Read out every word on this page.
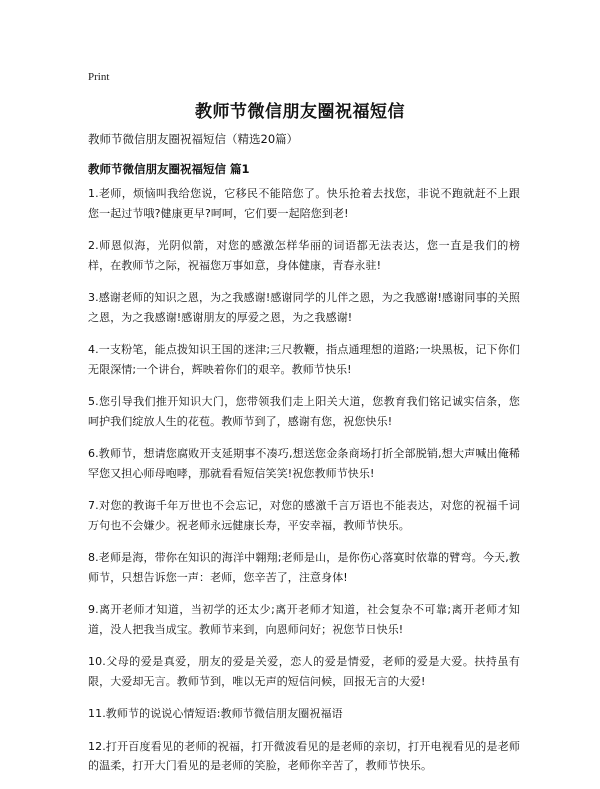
Print
教师节微信朋友圈祝福短信

教师节微信朋友圈祝福短信（精选20篇）

教师节微信朋友圈祝福短信 篇1

1.老师，烦恼叫我给您说，它移民不能陪您了。快乐抢着去找您，非说不跑就赶不上跟您一起过节哦?健康更早?呵呵，它们要一起陪您到老!

2.师恩似海，光阴似箭，对您的感激怎样华丽的词语都无法表达，您一直是我们的榜样，在教师节之际，祝福您万事如意，身体健康，青春永驻!

3.感谢老师的知识之恩，为之我感谢!感谢同学的儿伴之恩，为之我感谢!感谢同事的关照之恩，为之我感谢!感谢朋友的厚爱之恩，为之我感谢!

4.一支粉笔，能点拨知识王国的迷津;三尺教鞭，指点通理想的道路;一块黑板，记下你们无限深情;一个讲台，辉映着你们的艰辛。教师节快乐!

5.您引导我们推开知识大门，您带领我们走上阳关大道，您教育我们铭记诚实信条，您呵护我们绽放人生的花苞。教师节到了，感谢有您，祝您快乐!

6.教师节，想请您腐败开支延期事不凑巧,想送您金条商场打折全部脱销,想大声喊出俺稀罕您又担心师母咆哮，那就看看短信笑笑!祝您教师节快乐!

7.对您的教诲千年万世也不会忘记，对您的感激千言万语也不能表达，对您的祝福千词万句也不会嫌少。祝老师永远健康长寿，平安幸福，教师节快乐。

8.老师是海，带你在知识的海洋中翱翔;老师是山，是你伤心落寞时依靠的臂弯。今天,教师节，只想告诉您一声：老师，您辛苦了，注意身体!

9.离开老师才知道，当初学的还太少;离开老师才知道，社会复杂不可靠;离开老师才知道，没人把我当成宝。教师节来到，向恩师问好；祝您节日快乐!

10.父母的爱是真爱，朋友的爱是关爱，恋人的爱是情爱，老师的爱是大爱。扶持虽有限，大爱却无言。教师节到，唯以无声的短信问候，回报无言的大爱!

11.教师节的说说心情短语:教师节微信朋友圈祝福语

12.打开百度看见的老师的祝福，打开微波看见的是老师的亲切，打开电视看见的是老师的温柔，打开大门看见的是老师的笑脸，老师你辛苦了，教师节快乐。
